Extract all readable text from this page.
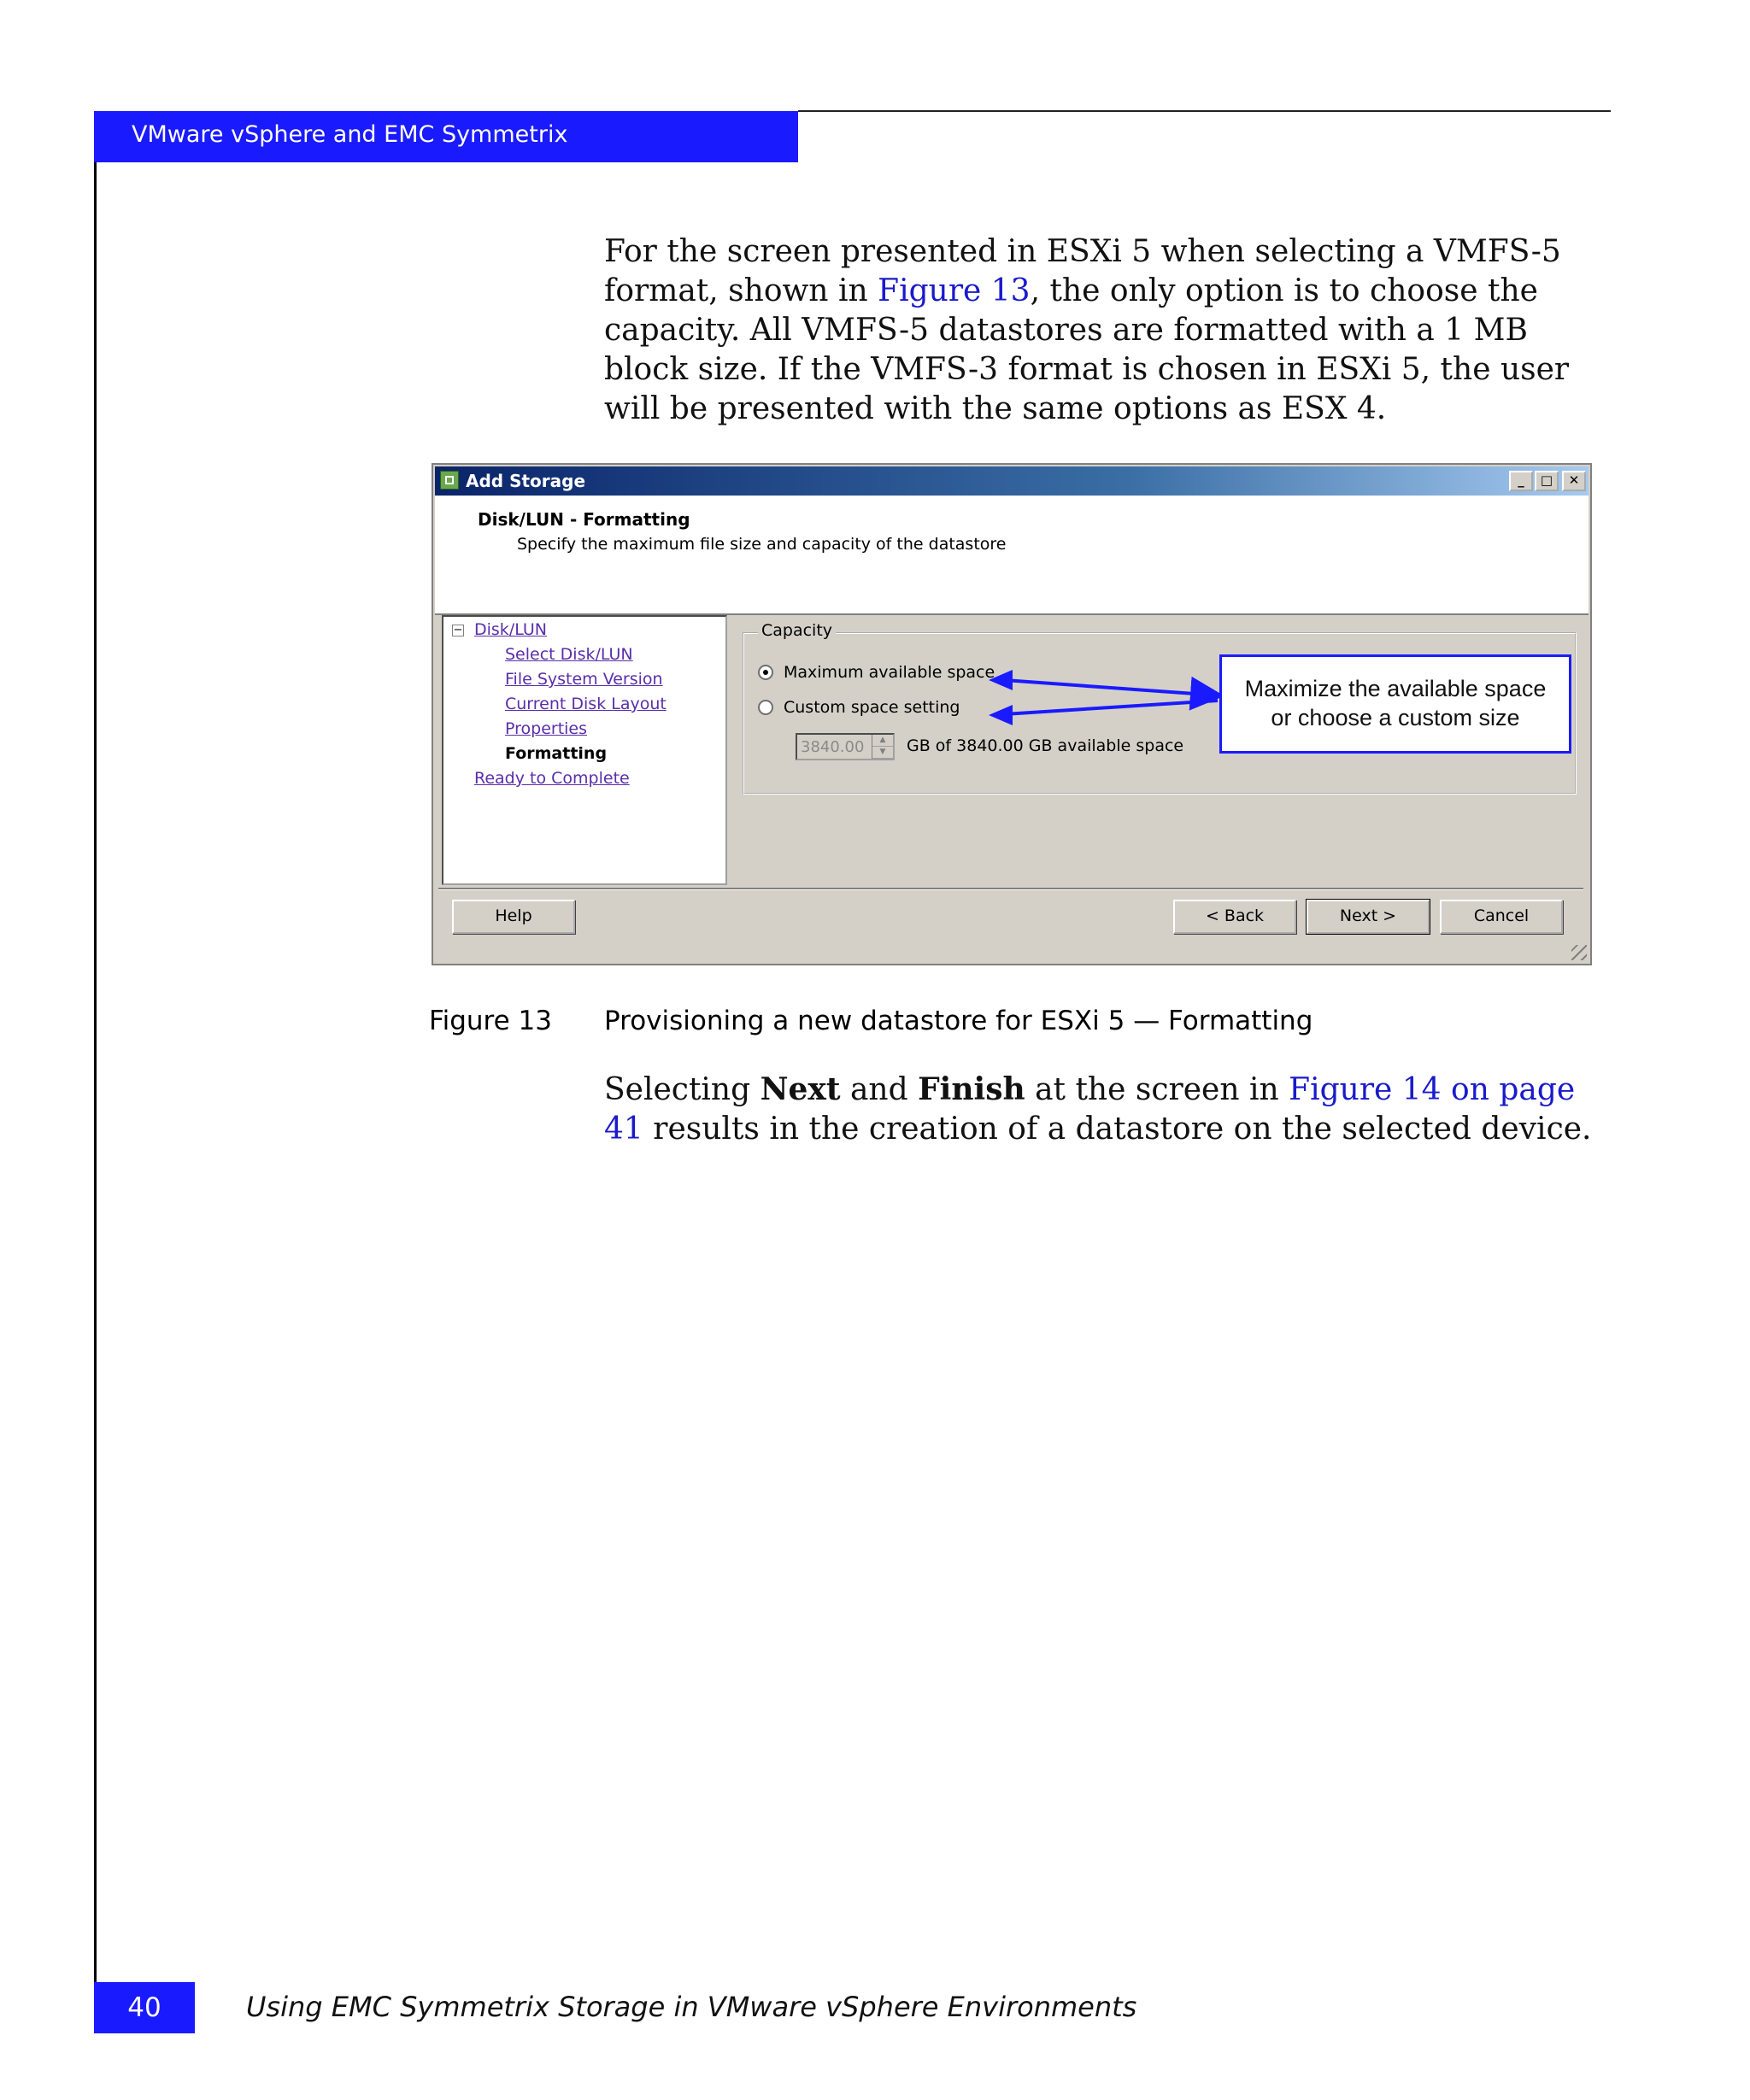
VMware vSphere and EMC Symmetrix

For the screen presented in ESXi 5 when selecting a VMFS-5 format, shown in Figure 13, the only option is to choose the capacity. All VMFS-5 datastores are formatted with a 1 MB block size. If the VMFS-3 format is chosen in ESXi 5, the user will be presented with the same options as ESX 4.

Add Storage	_	□	✕
Disk/LUN - Formatting
Specify the maximum file size and capacity of the datastore
− Disk/LUN
Select Disk/LUN
File System Version
Current Disk Layout
Properties
Formatting
Ready to Complete
Capacity
Maximum available space
Custom space setting
3840.00	▲
▼	GB of 3840.00 GB available space
Maximize the available space
or choose a custom size
Help	< Back	Next >	Cancel
Figure 13 Provisioning a new datastore for ESXi 5 — Formatting

Selecting Next and Finish at the screen in Figure 14 on page 41 results in the creation of a datastore on the selected device.

40	Using EMC Symmetrix Storage in VMware vSphere Environments
